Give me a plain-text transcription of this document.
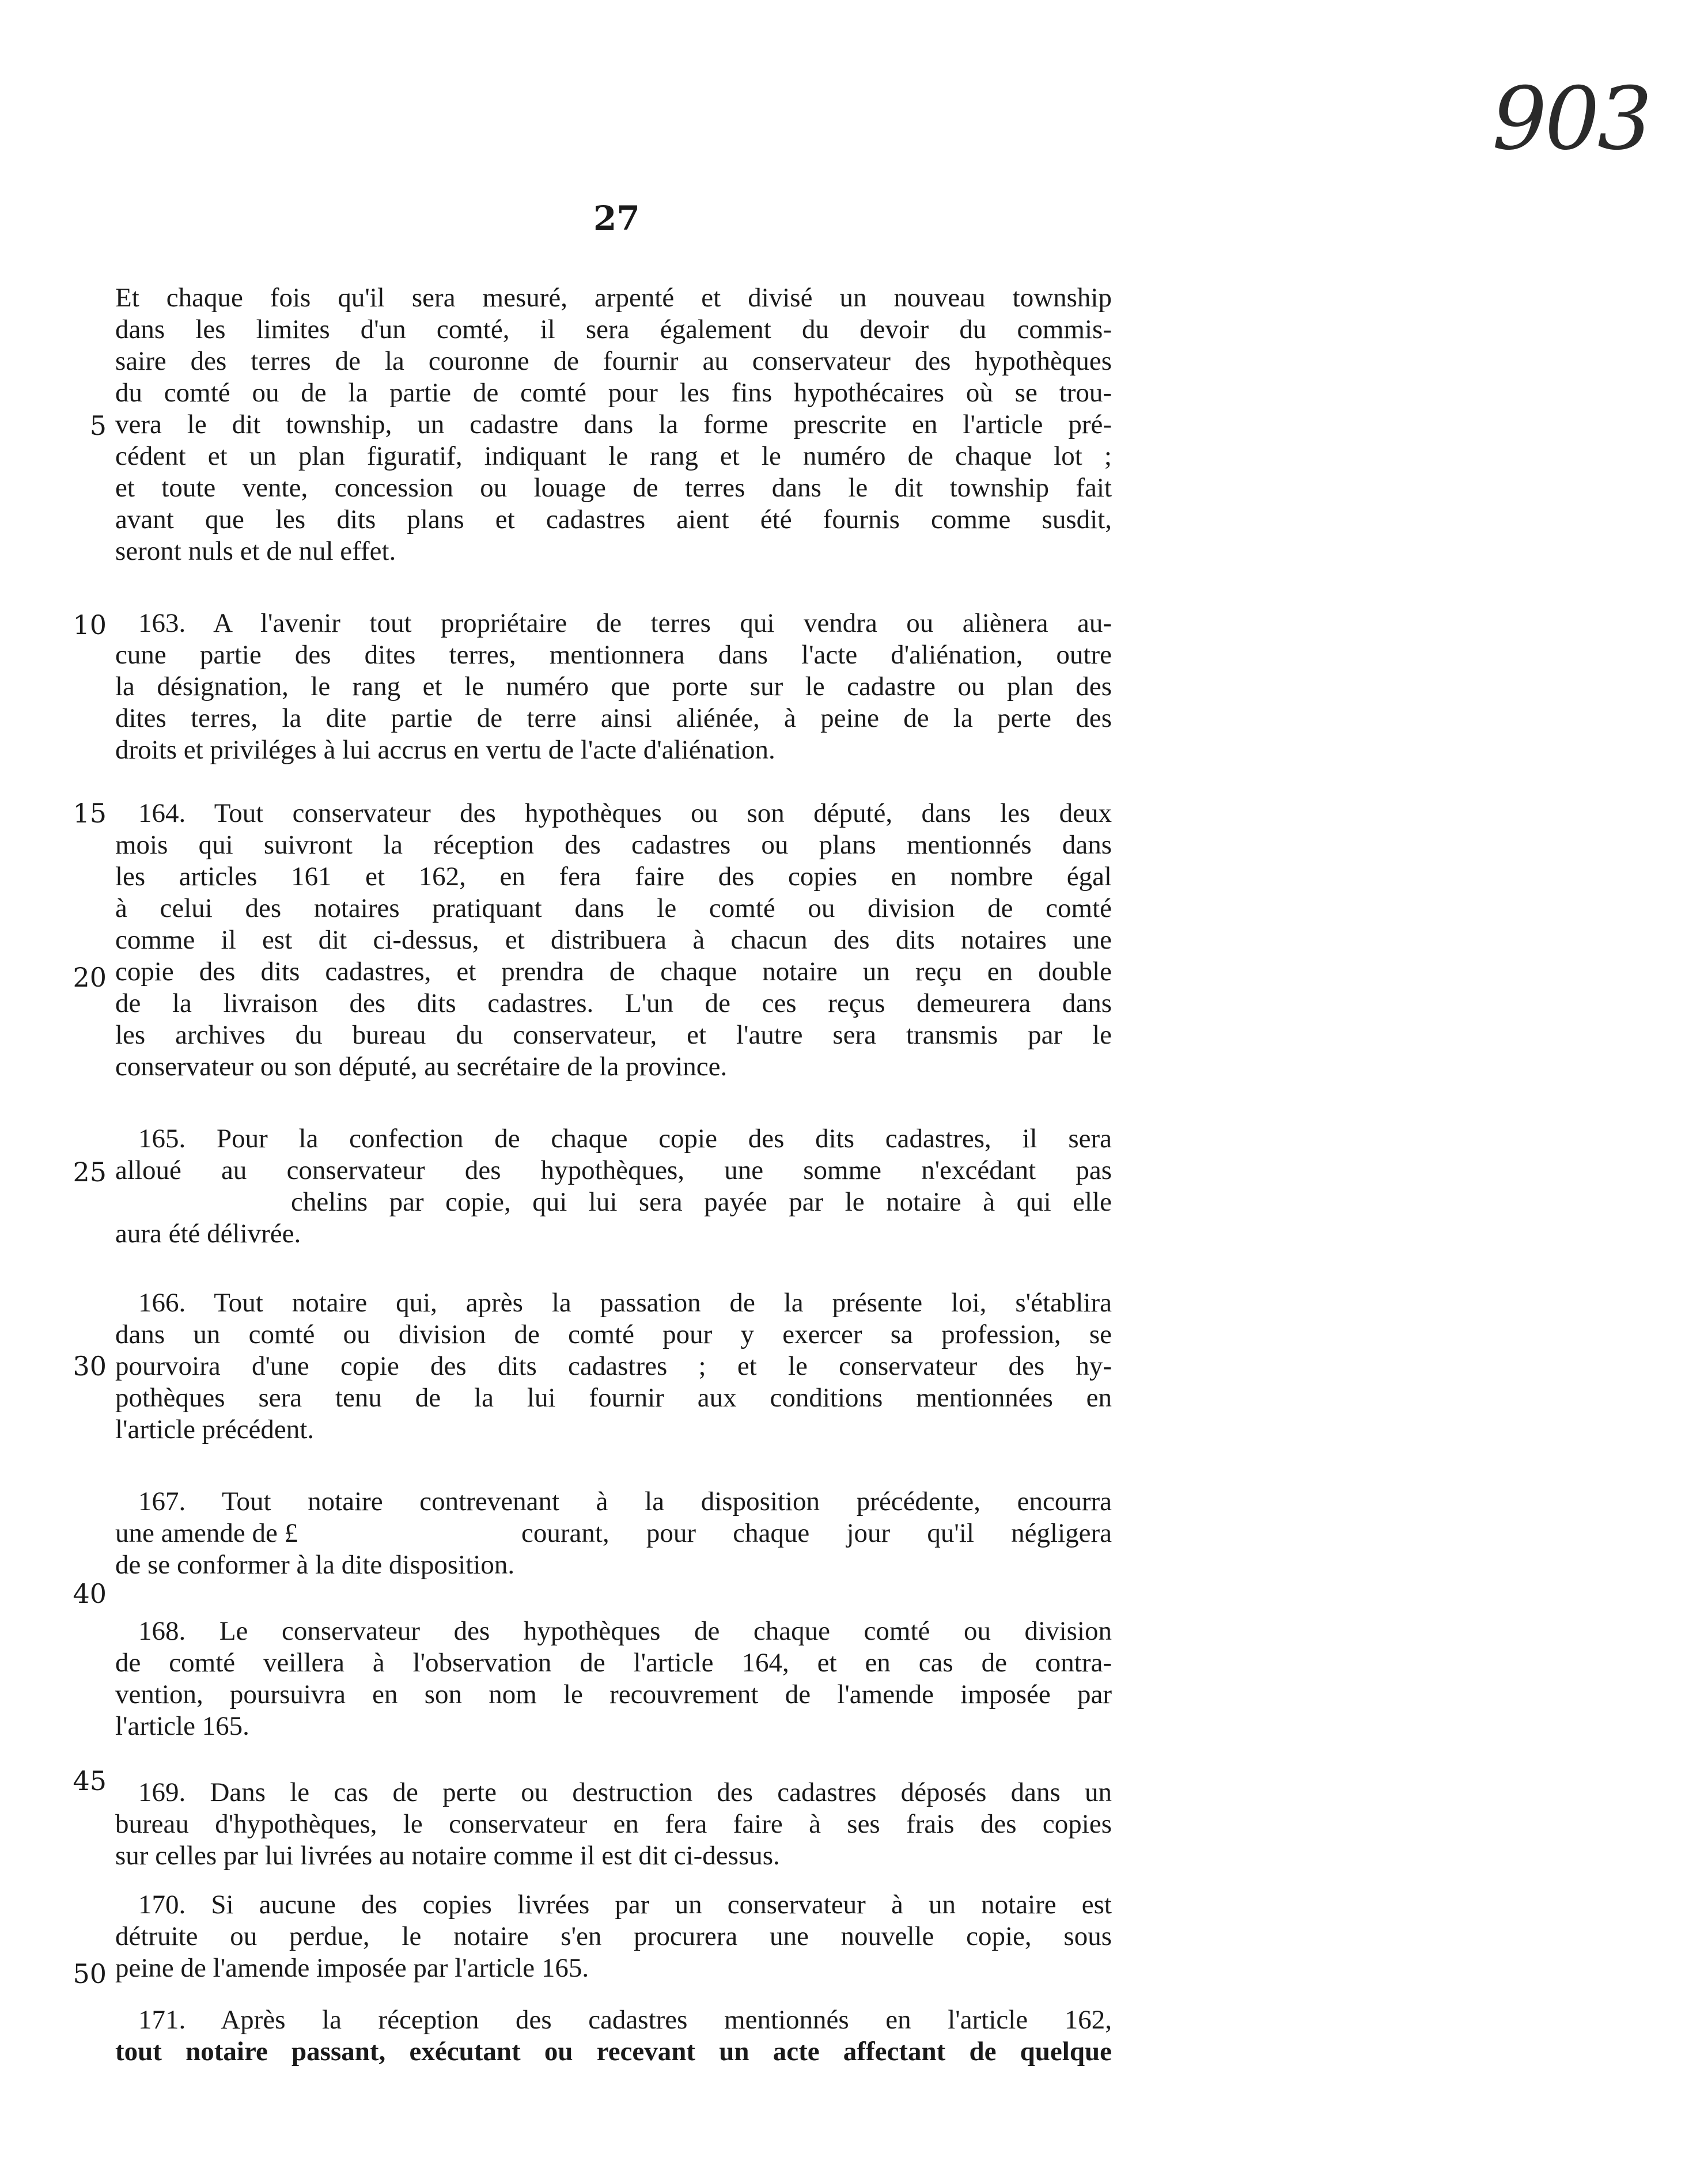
903
27
5
10
15
20
25
30
40
45
50
Et chaque fois qu'il sera mesuré, arpenté et divisé un nouveau township
dans les limites d'un comté, il sera également du devoir du commis-
saire des terres de la couronne de fournir au conservateur des hypothèques
du comté ou de la partie de comté pour les fins hypothécaires où se trou-
vera le dit township, un cadastre dans la forme prescrite en l'article pré-
cédent et un plan figuratif, indiquant le rang et le numéro de chaque lot ;
et toute vente, concession ou louage de terres dans le dit township fait
avant que les dits plans et cadastres aient été fournis comme susdit,
seront nuls et de nul effet.
163. A l'avenir tout propriétaire de terres qui vendra ou aliènera au-
cune partie des dites terres, mentionnera dans l'acte d'aliénation, outre
la désignation, le rang et le numéro que porte sur le cadastre ou plan des
dites terres, la dite partie de terre ainsi aliénée, à peine de la perte des
droits et priviléges à lui accrus en vertu de l'acte d'aliénation.
164. Tout conservateur des hypothèques ou son député, dans les deux
mois qui suivront la réception des cadastres ou plans mentionnés dans
les articles 161 et 162, en fera faire des copies en nombre égal
à celui des notaires pratiquant dans le comté ou division de comté
comme il est dit ci-dessus, et distribuera à chacun des dits notaires une
copie des dits cadastres, et prendra de chaque notaire un reçu en double
de la livraison des dits cadastres. L'un de ces reçus demeurera dans
les archives du bureau du conservateur, et l'autre sera transmis par le
conservateur ou son député, au secrétaire de la province.
165. Pour la confection de chaque copie des dits cadastres, il sera
alloué au conservateur des hypothèques, une somme n'excédant pas
chelins par copie, qui lui sera payée par le notaire à qui elle
aura été délivrée.
166. Tout notaire qui, après la passation de la présente loi, s'établira
dans un comté ou division de comté pour y exercer sa profession, se
pourvoira d'une copie des dits cadastres ; et le conservateur des hy-
pothèques sera tenu de la lui fournir aux conditions mentionnées en
l'article précédent.
167. Tout notaire contrevenant à la disposition précédente, encourra
une amende de £	courant, pour chaque jour qu'il négligera
de se conformer à la dite disposition.
168. Le conservateur des hypothèques de chaque comté ou division
de comté veillera à l'observation de l'article 164, et en cas de contra-
vention, poursuivra en son nom le recouvrement de l'amende imposée par
l'article 165.
169. Dans le cas de perte ou destruction des cadastres déposés dans un
bureau d'hypothèques, le conservateur en fera faire à ses frais des copies
sur celles par lui livrées au notaire comme il est dit ci-dessus.
170. Si aucune des copies livrées par un conservateur à un notaire est
détruite ou perdue, le notaire s'en procurera une nouvelle copie, sous
peine de l'amende imposée par l'article 165.
171. Après la réception des cadastres mentionnés en l'article 162,
tout notaire passant, exécutant ou recevant un acte affectant de quelque
